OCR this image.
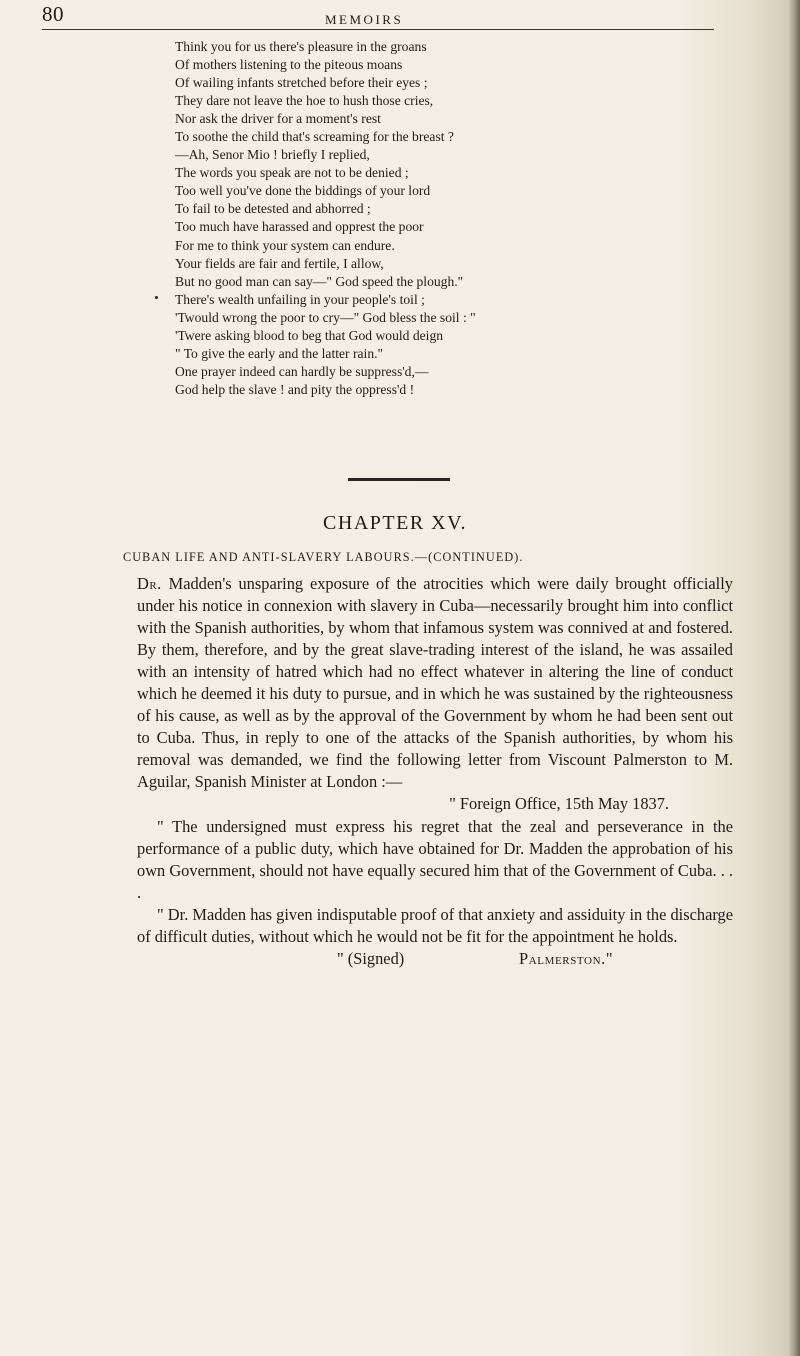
80	MEMOIRS
Think you for us there's pleasure in the groans
Of mothers listening to the piteous moans
Of wailing infants stretched before their eyes ;
They dare not leave the hoe to hush those cries,
Nor ask the driver for a moment's rest
To soothe the child that's screaming for the breast ?
—Ah, Senor Mio ! briefly I replied,
The words you speak are not to be denied ;
Too well you've done the biddings of your lord
To fail to be detested and abhorred ;
Too much have harassed and opprest the poor
For me to think your system can endure.
Your fields are fair and fertile, I allow,
But no good man can say—" God speed the plough."
There's wealth unfailing in your people's toil ;
'Twould wrong the poor to cry—" God bless the soil : "
'Twere asking blood to beg that God would deign
" To give the early and the latter rain."
One prayer indeed can hardly be suppress'd,—
God help the slave ! and pity the oppress'd !
CHAPTER XV.
CUBAN LIFE AND ANTI-SLAVERY LABOURS.—(CONTINUED).

Dr. Madden's unsparing exposure of the atrocities which were daily brought officially under his notice in connexion with slavery in Cuba—necessarily brought him into conflict with the Spanish authorities, by whom that infamous system was connived at and fostered. By them, therefore, and by the great slave-trading interest of the island, he was assailed with an intensity of hatred which had no effect whatever in altering the line of conduct which he deemed it his duty to pursue, and in which he was sustained by the righteousness of his cause, as well as by the approval of the Government by whom he had been sent out to Cuba. Thus, in reply to one of the attacks of the Spanish authorities, by whom his removal was demanded, we find the following letter from Viscount Palmerston to M. Aguilar, Spanish Minister at London :—

" Foreign Office, 15th May 1837.

" The undersigned must express his regret that the zeal and perseverance in the performance of a public duty, which have obtained for Dr. Madden the approbation of his own Government, should not have equally secured him that of the Government of Cuba. . . .

" Dr. Madden has given indisputable proof of that anxiety and assiduity in the discharge of difficult duties, without which he would not be fit for the appointment he holds.

" (Signed)	Palmerston."
